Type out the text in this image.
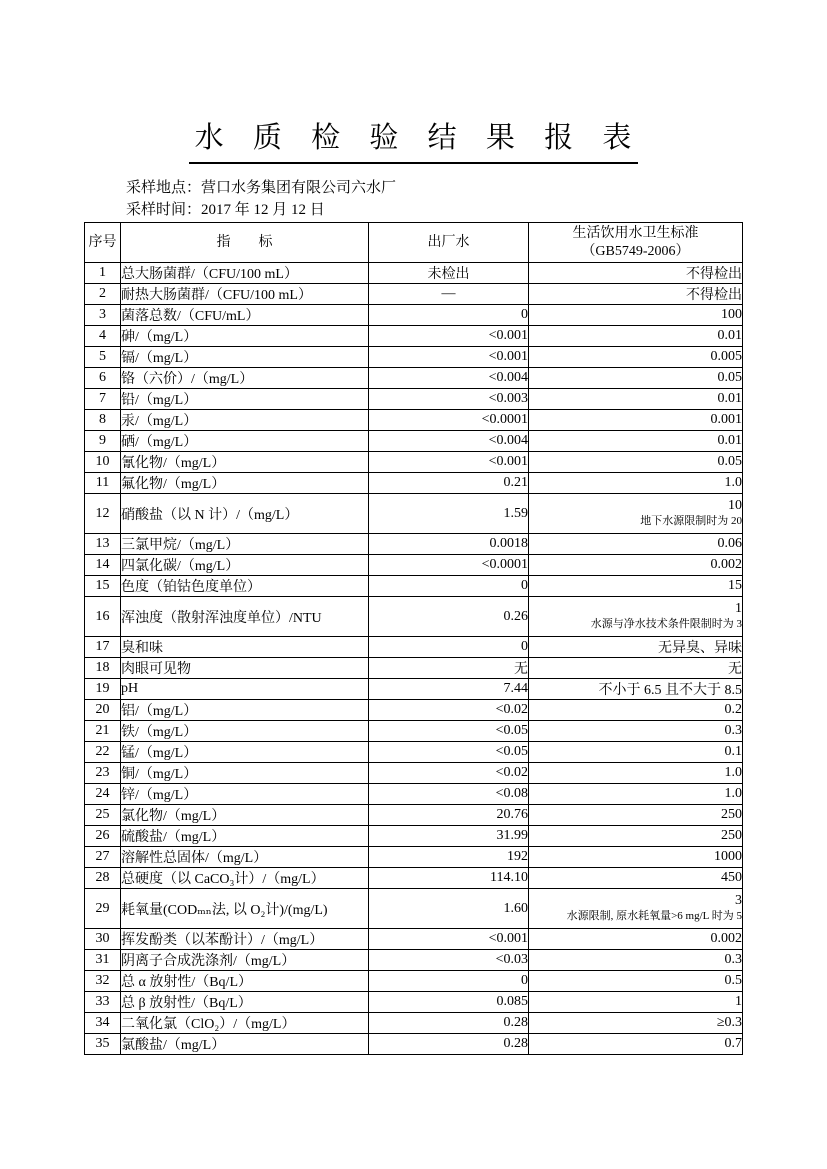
水 质 检 验 结 果 报 表
采样地点：营口水务集团有限公司六水厂
采样时间：2017 年 12 月 12 日
序号	指　　标	出厂水	生活饮用水卫生标准
（GB5749-2006）

1	总大肠菌群/（CFU/100 mL）	未检出	不得检出
2	耐热大肠菌群/（CFU/100 mL）	—	不得检出
3	菌落总数/（CFU/mL）	0	100
4	砷/（mg/L）	<0.001	0.01
5	镉/（mg/L）	<0.001	0.005
6	铬（六价）/（mg/L）	<0.004	0.05
7	铅/（mg/L）	<0.003	0.01
8	汞/（mg/L）	<0.0001	0.001
9	硒/（mg/L）	<0.004	0.01
10	氰化物/（mg/L）	<0.001	0.05
11	氟化物/（mg/L）	0.21	1.0
12	硝酸盐（以 N 计）/（mg/L）	1.59	10
地下水源限制时为 20

13	三氯甲烷/（mg/L）	0.0018	0.06
14	四氯化碳/（mg/L）	<0.0001	0.002
15	色度（铂钴色度单位）	0	15
16	浑浊度（散射浑浊度单位）/NTU	0.26	1
水源与净水技术条件限制时为 3

17	臭和味	0	无异臭、异味
18	肉眼可见物	无	无
19	pH	7.44	不小于 6.5 且不大于 8.5
20	铝/（mg/L）	<0.02	0.2
21	铁/（mg/L）	<0.05	0.3
22	锰/（mg/L）	<0.05	0.1
23	铜/（mg/L）	<0.02	1.0
24	锌/（mg/L）	<0.08	1.0
25	氯化物/（mg/L）	20.76	250
26	硫酸盐/（mg/L）	31.99	250
27	溶解性总固体/（mg/L）	192	1000
28	总硬度（以 CaCO₃计）/（mg/L）	114.10	450
29	耗氧量(CODₘₙ法, 以 O₂计)/(mg/L)	1.60	3
水源限制, 原水耗氧量>6 mg/L 时为 5

30	挥发酚类（以苯酚计）/（mg/L）	<0.001	0.002
31	阴离子合成洗涤剂/（mg/L）	<0.03	0.3
32	总 α 放射性/（Bq/L）	0	0.5
33	总 β 放射性/（Bq/L）	0.085	1
34	二氧化氯（ClO₂）/（mg/L）	0.28	≥0.3
35	氯酸盐/（mg/L）	0.28	0.7
